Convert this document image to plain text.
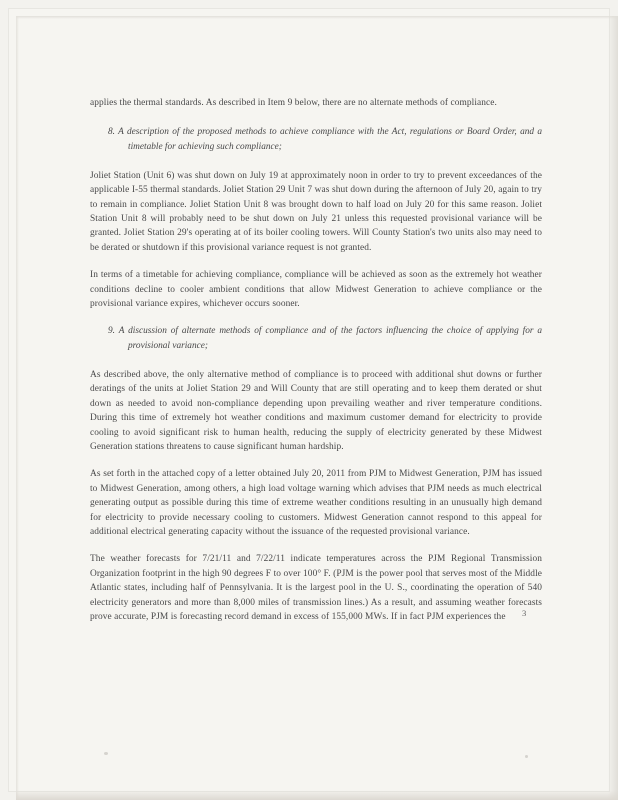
applies the thermal standards. As described in Item 9 below, there are no alternate methods of compliance.

8. A description of the proposed methods to achieve compliance with the Act, regulations or Board Order, and a timetable for achieving such compliance;

Joliet Station (Unit 6) was shut down on July 19 at approximately noon in order to try to prevent exceedances of the applicable I-55 thermal standards. Joliet Station 29 Unit 7 was shut down during the afternoon of July 20, again to try to remain in compliance. Joliet Station Unit 8 was brought down to half load on July 20 for this same reason. Joliet Station Unit 8 will probably need to be shut down on July 21 unless this requested provisional variance will be granted. Joliet Station 29's operating at of its boiler cooling towers. Will County Station's two units also may need to be derated or shutdown if this provisional variance request is not granted.

In terms of a timetable for achieving compliance, compliance will be achieved as soon as the extremely hot weather conditions decline to cooler ambient conditions that allow Midwest Generation to achieve compliance or the provisional variance expires, whichever occurs sooner.

9. A discussion of alternate methods of compliance and of the factors influencing the choice of applying for a provisional variance;

As described above, the only alternative method of compliance is to proceed with additional shut downs or further deratings of the units at Joliet Station 29 and Will County that are still operating and to keep them derated or shut down as needed to avoid non-compliance depending upon prevailing weather and river temperature conditions. During this time of extremely hot weather conditions and maximum customer demand for electricity to provide cooling to avoid significant risk to human health, reducing the supply of electricity generated by these Midwest Generation stations threatens to cause significant human hardship.

As set forth in the attached copy of a letter obtained July 20, 2011 from PJM to Midwest Generation, PJM has issued to Midwest Generation, among others, a high load voltage warning which advises that PJM needs as much electrical generating output as possible during this time of extreme weather conditions resulting in an unusually high demand for electricity to provide necessary cooling to customers. Midwest Generation cannot respond to this appeal for additional electrical generating capacity without the issuance of the requested provisional variance.

The weather forecasts for 7/21/11 and 7/22/11 indicate temperatures across the PJM Regional Transmission Organization footprint in the high 90 degrees F to over 100° F. (PJM is the power pool that serves most of the Middle Atlantic states, including half of Pennsylvania. It is the largest pool in the U. S., coordinating the operation of 540 electricity generators and more than 8,000 miles of transmission lines.) As a result, and assuming weather forecasts prove accurate, PJM is forecasting record demand in excess of 155,000 MWs. If in fact PJM experiences the	3
